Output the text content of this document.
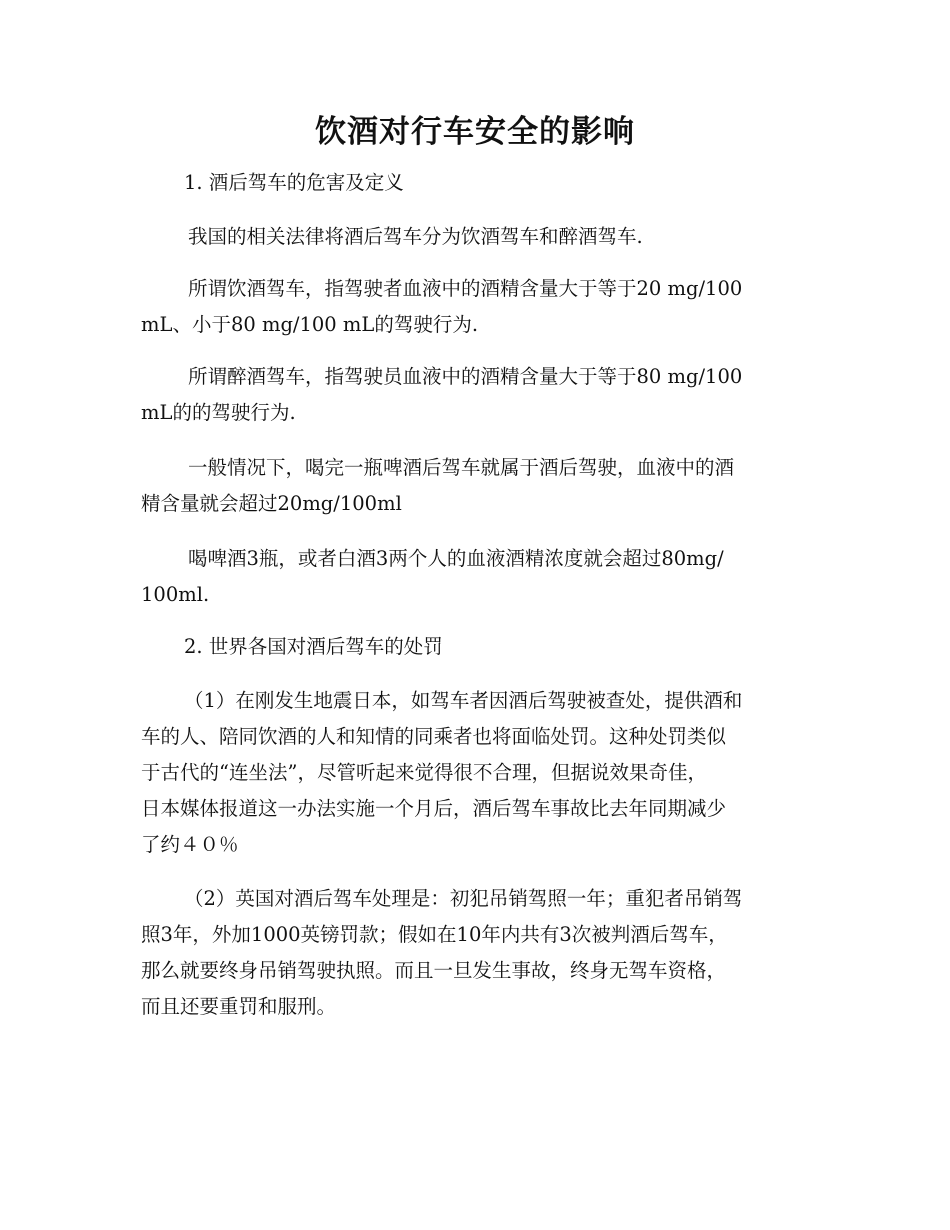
饮酒对行车安全的影响

1. 酒后驾车的危害及定义

我国的相关法律将酒后驾车分为饮酒驾车和醉酒驾车.

所谓饮酒驾车，指驾驶者血液中的酒精含量大于等于20 mg/100
mL、小于80 mg/100 mL的驾驶行为.

所谓醉酒驾车，指驾驶员血液中的酒精含量大于等于80 mg/100
mL的的驾驶行为.

一般情况下，喝完一瓶啤酒后驾车就属于酒后驾驶，血液中的酒
精含量就会超过20mg/100ml

喝啤酒3瓶，或者白酒3两个人的血液酒精浓度就会超过80mg/
100ml.

2. 世界各国对酒后驾车的处罚

（1）在刚发生地震日本，如驾车者因酒后驾驶被查处，提供酒和
车的人、陪同饮酒的人和知情的同乘者也将面临处罚。这种处罚类似
于古代的“连坐法”，尽管听起来觉得很不合理，但据说效果奇佳，
日本媒体报道这一办法实施一个月后，酒后驾车事故比去年同期减少
了约４０％

（2）英国对酒后驾车处理是：初犯吊销驾照一年；重犯者吊销驾
照3年，外加1000英镑罚款；假如在10年内共有3次被判酒后驾车，
那么就要终身吊销驾驶执照。而且一旦发生事故，终身无驾车资格，
而且还要重罚和服刑。
